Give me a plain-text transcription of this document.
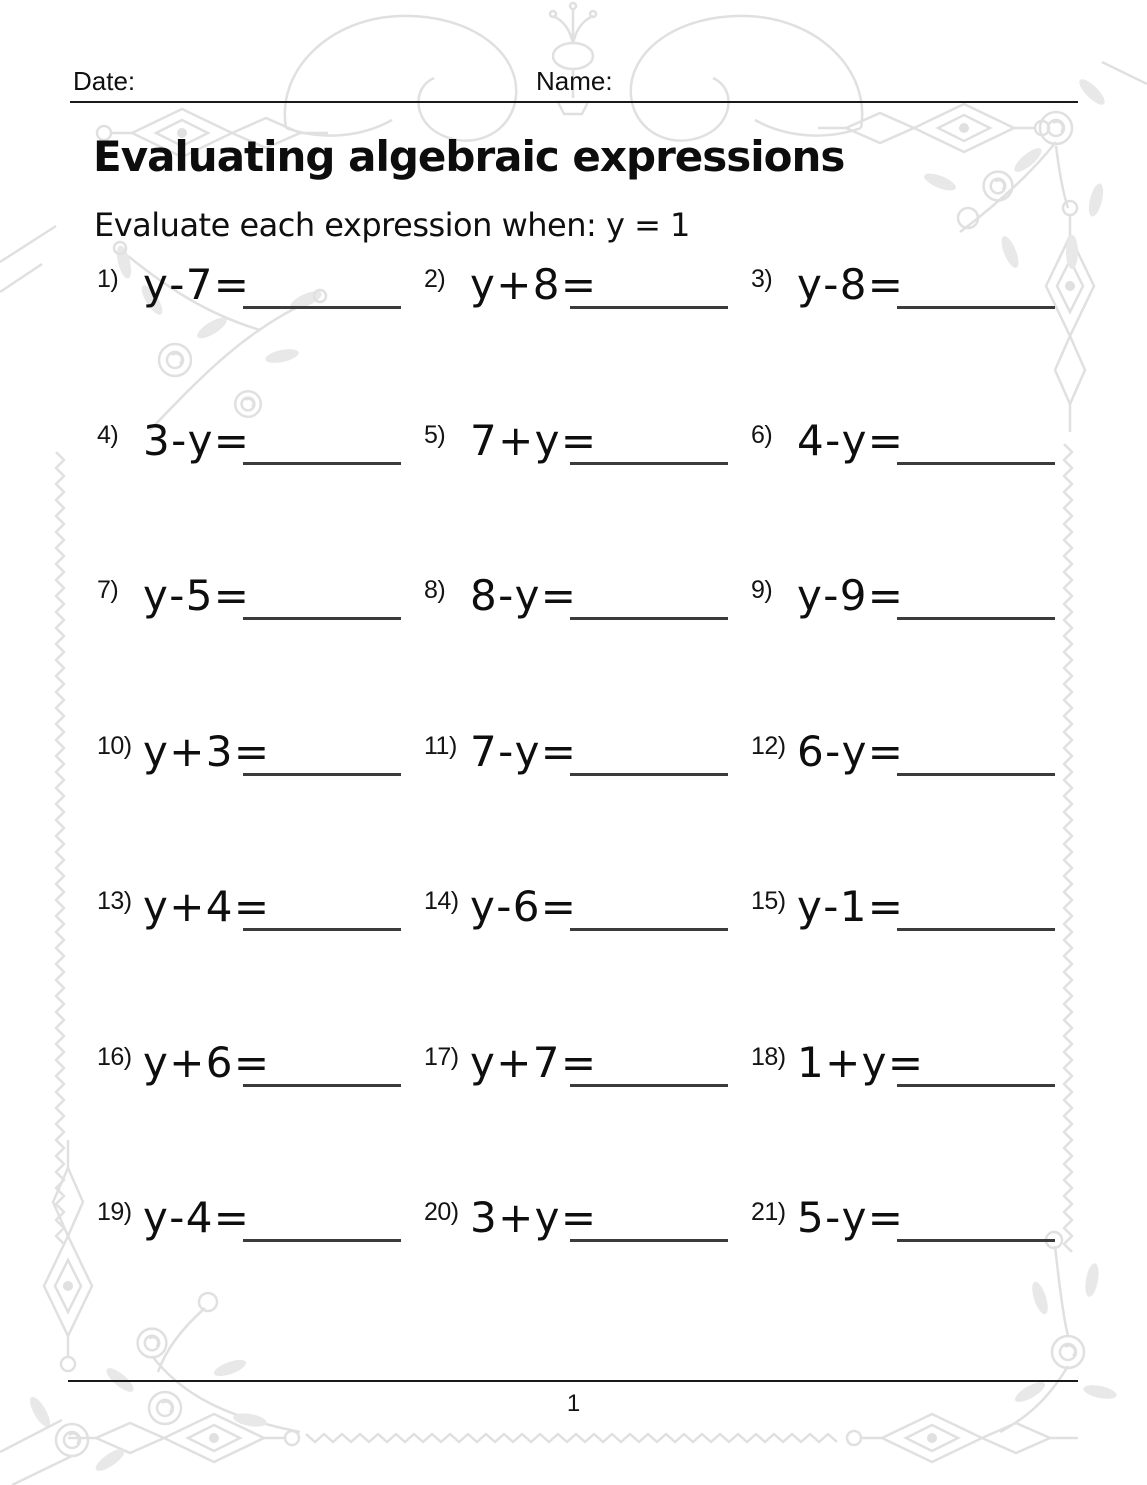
Date:	Name:
Evaluating algebraic expressions
Evaluate each expression when: y = 1
1) y - 7 =	2) y + 8 =	3) y - 8 =
4) 3 - y =	5) 7 + y =	6) 4 - y =
7) y - 5 =	8) 8 - y =	9) y - 9 =
10) y + 3 =	11) 7 - y =	12) 6 - y =
13) y + 4 =	14) y - 6 =	15) y - 1 =
16) y + 6 =	17) y + 7 =	18) 1 + y =
19) y - 4 =	20) 3 + y =	21) 5 - y =
1
